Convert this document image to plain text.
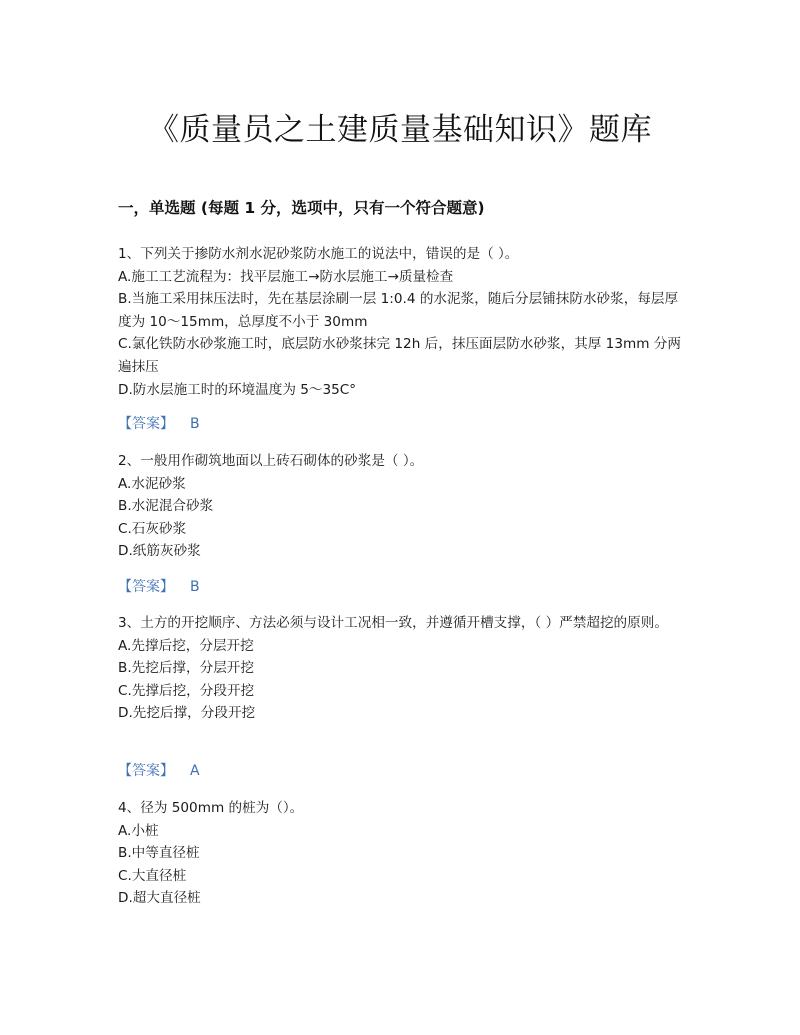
《质量员之土建质量基础知识》题库
一，单选题 (每题 1 分，选项中，只有一个符合题意)
1、下列关于掺防水剂水泥砂浆防水施工的说法中，错误的是（ ）。
A.施工工艺流程为：找平层施工→防水层施工→质量检查
B.当施工采用抹压法时，先在基层涂刷一层 1:0.4 的水泥浆，随后分层铺抹防水砂浆，每层厚度为 10～15mm，总厚度不小于 30mm
C.氯化铁防水砂浆施工时，底层防水砂浆抹完 12h 后，抹压面层防水砂浆，其厚 13mm 分两遍抹压
D.防水层施工时的环境温度为 5～35C°
【答案】 B
2、一般用作砌筑地面以上砖石砌体的砂浆是（ ）。
A.水泥砂浆
B.水泥混合砂浆
C.石灰砂浆
D.纸筋灰砂浆
【答案】 B
3、土方的开挖顺序、方法必须与设计工况相一致，并遵循开槽支撑，（ ）严禁超挖的原则。
A.先撑后挖，分层开挖
B.先挖后撑，分层开挖
C.先撑后挖，分段开挖
D.先挖后撑，分段开挖
【答案】 A
4、径为 500mm 的桩为（）。
A.小桩
B.中等直径桩
C.大直径桩
D.超大直径桩
